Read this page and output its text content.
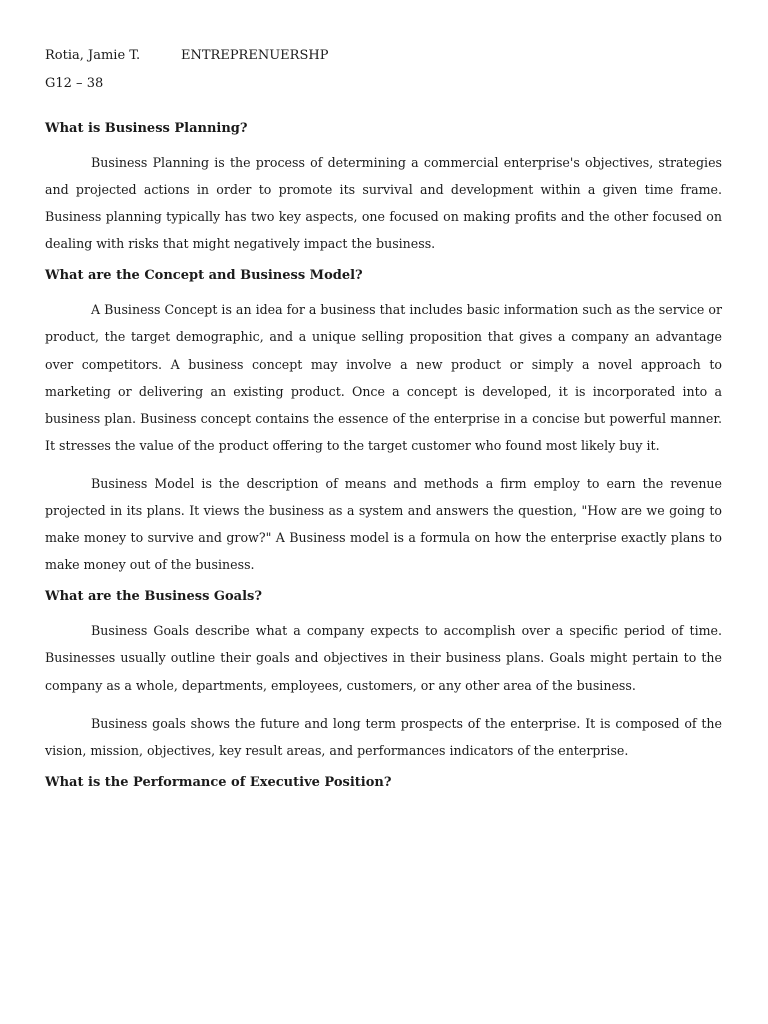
Rotia, Jamie T.	ENTREPRENUERSHP
G12 – 38

What is Business Planning?

Business Planning is the process of determining a commercial enterprise's objectives, strategies and projected actions in order to promote its survival and development within a given time frame. Business planning typically has two key aspects, one focused on making profits and the other focused on dealing with risks that might negatively impact the business.

What are the Concept and Business Model?

A Business Concept is an idea for a business that includes basic information such as the service or product, the target demographic, and a unique selling proposition that gives a company an advantage over competitors. A business concept may involve a new product or simply a novel approach to marketing or delivering an existing product. Once a concept is developed, it is incorporated into a business plan. Business concept contains the essence of the enterprise in a concise but powerful manner. It stresses the value of the product offering to the target customer who found most likely buy it.

Business Model is the description of means and methods a firm employ to earn the revenue projected in its plans. It views the business as a system and answers the question, "How are we going to make money to survive and grow?" A Business model is a formula on how the enterprise exactly plans to make money out of the business.

What are the Business Goals?

Business Goals describe what a company expects to accomplish over a specific period of time. Businesses usually outline their goals and objectives in their business plans. Goals might pertain to the company as a whole, departments, employees, customers, or any other area of the business.

Business goals shows the future and long term prospects of the enterprise. It is composed of the vision, mission, objectives, key result areas, and performances indicators of the enterprise.

What is the Performance of Executive Position?
